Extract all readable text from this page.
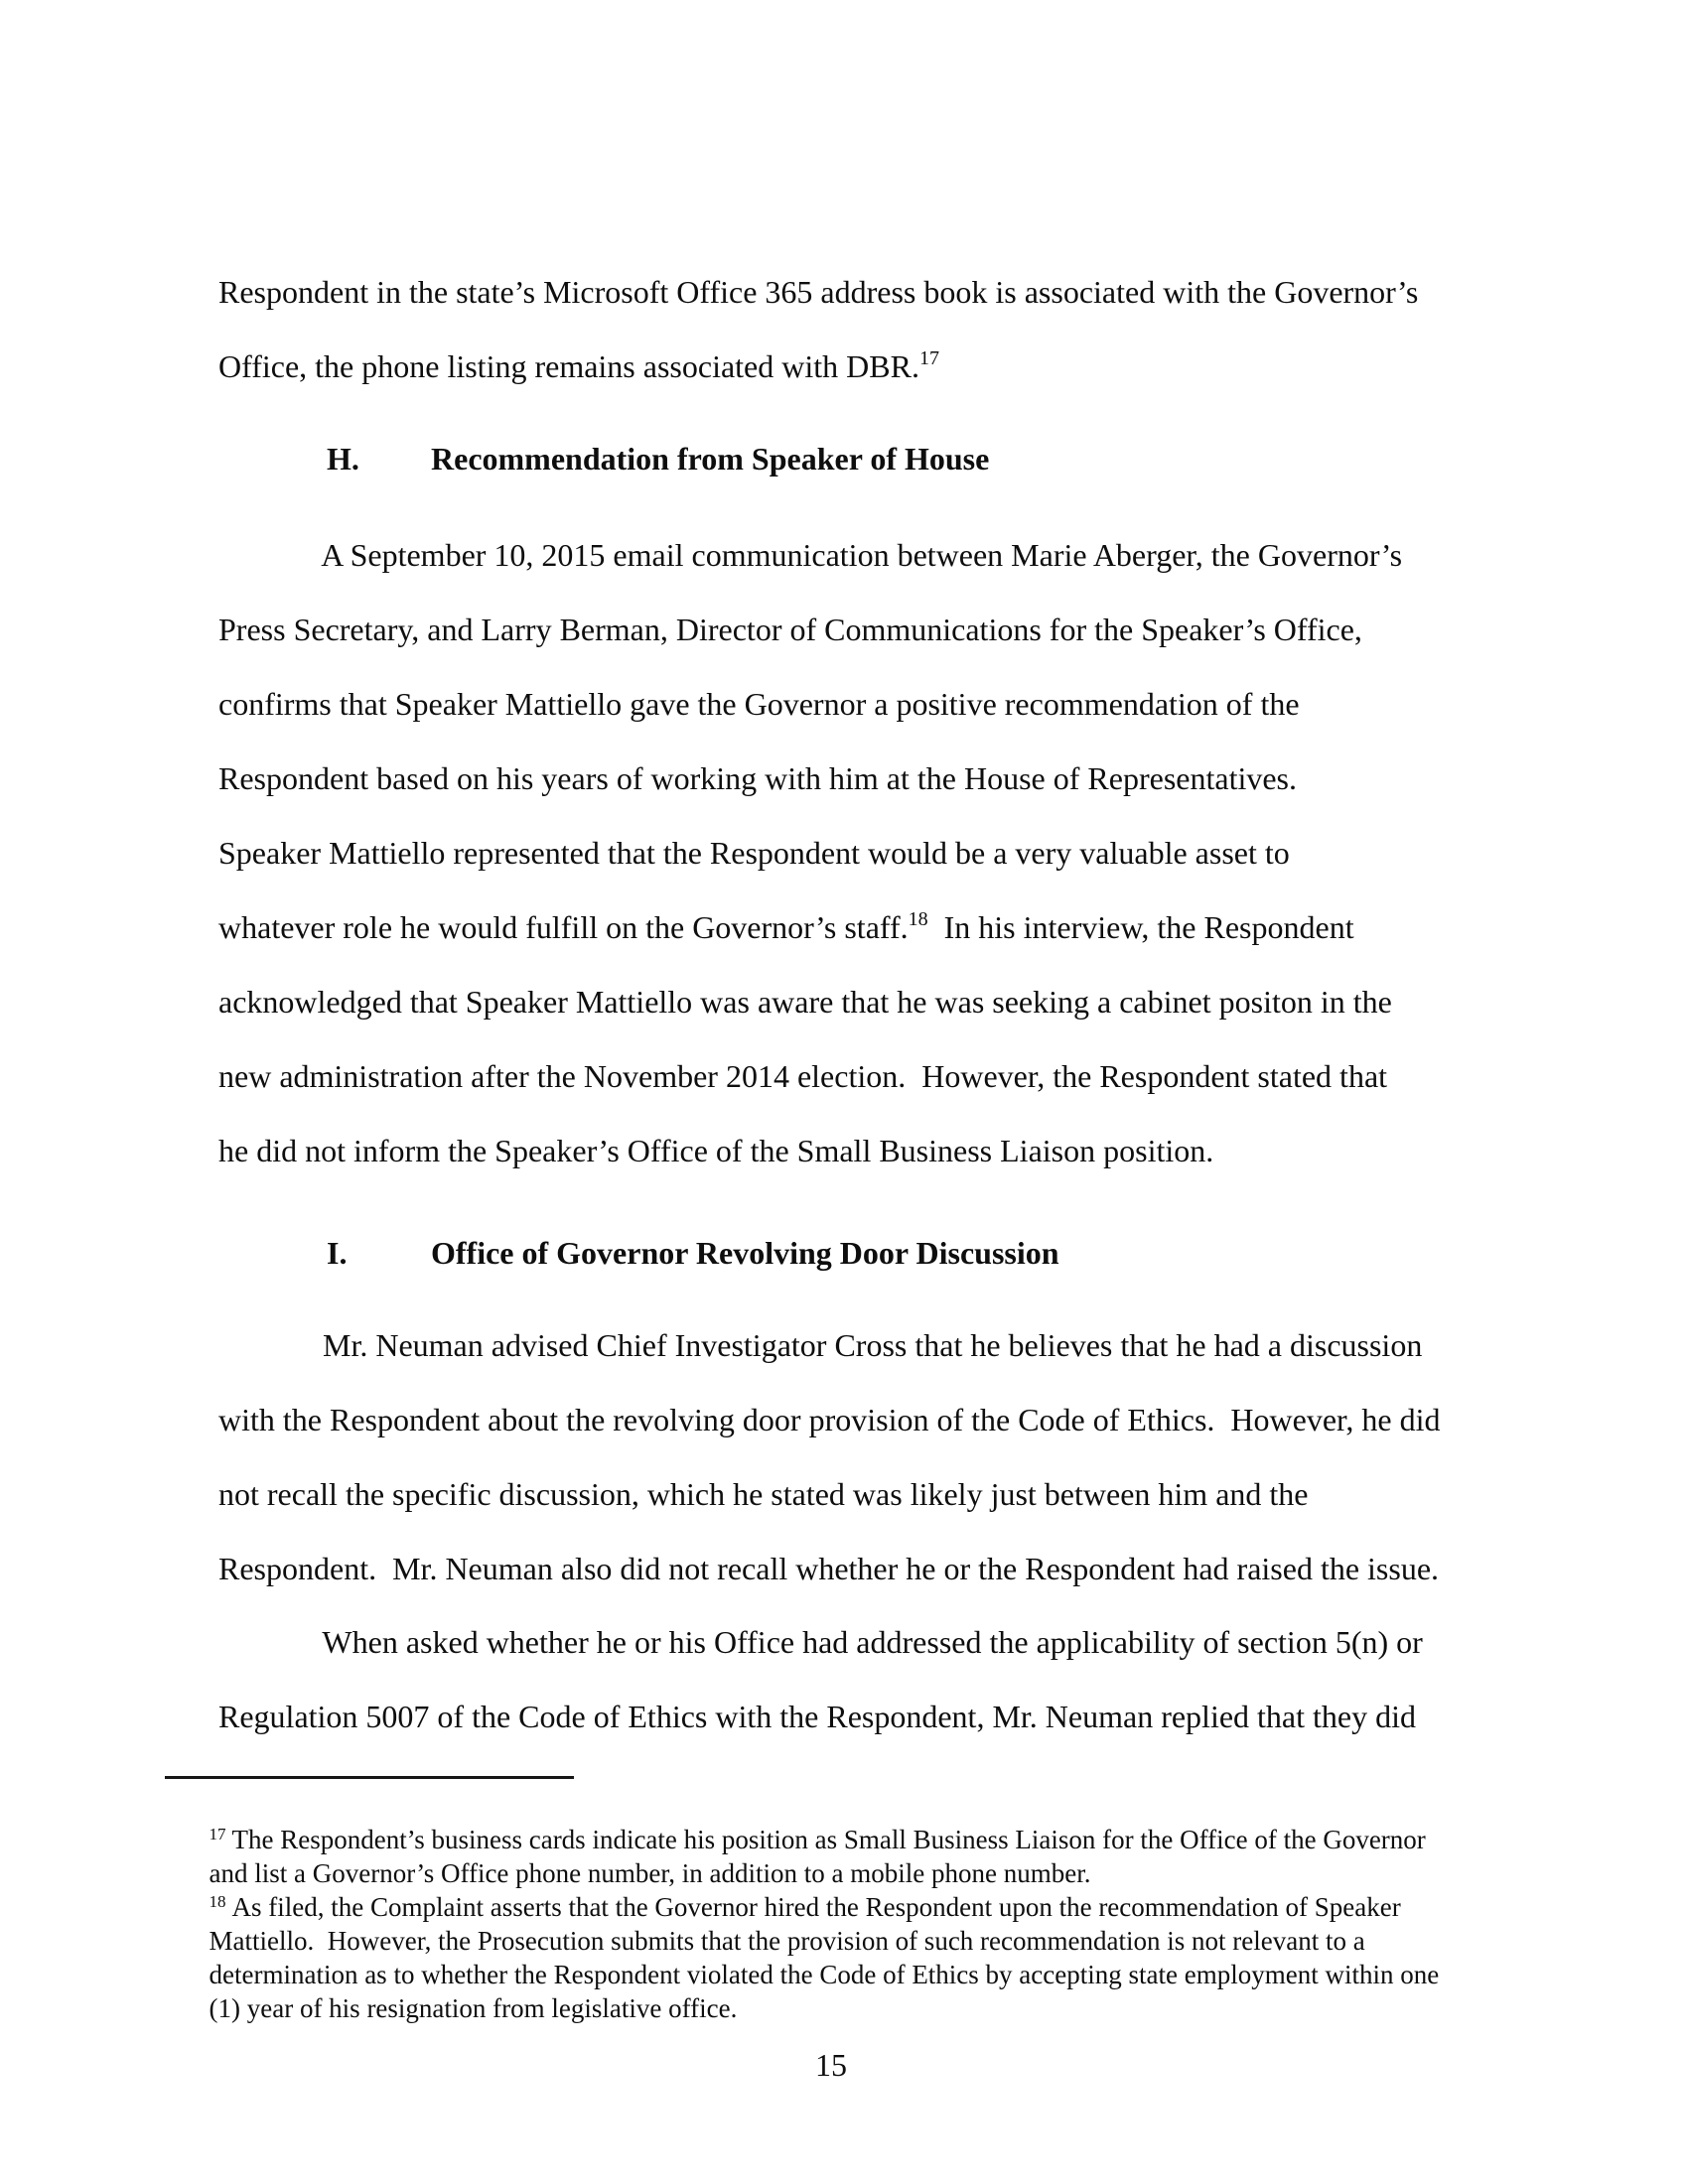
Respondent in the state’s Microsoft Office 365 address book is associated with the Governor’s

Office, the phone listing remains associated with DBR.$^{17}$

H. Recommendation from Speaker of House

A September 10, 2015 email communication between Marie Aberger, the Governor’s

Press Secretary, and Larry Berman, Director of Communications for the Speaker’s Office,

confirms that Speaker Mattiello gave the Governor a positive recommendation of the

Respondent based on his years of working with him at the House of Representatives.

Speaker Mattiello represented that the Respondent would be a very valuable asset to

whatever role he would fulfill on the Governor’s staff.$^{18}$  In his interview, the Respondent

acknowledged that Speaker Mattiello was aware that he was seeking a cabinet positon in the

new administration after the November 2014 election.  However, the Respondent stated that

he did not inform the Speaker’s Office of the Small Business Liaison position.

I.	Office of Governor Revolving Door Discussion

Mr. Neuman advised Chief Investigator Cross that he believes that he had a discussion

with the Respondent about the revolving door provision of the Code of Ethics.  However, he did

not recall the specific discussion, which he stated was likely just between him and the

Respondent.  Mr. Neuman also did not recall whether he or the Respondent had raised the issue.

When asked whether he or his Office had addressed the applicability of section 5(n) or

Regulation 5007 of the Code of Ethics with the Respondent, Mr. Neuman replied that they did

$^{17}$ The Respondent’s business cards indicate his position as Small Business Liaison for the Office of the Governor

and list a Governor’s Office phone number, in addition to a mobile phone number.

$^{18}$ As filed, the Complaint asserts that the Governor hired the Respondent upon the recommendation of Speaker

Mattiello.  However, the Prosecution submits that the provision of such recommendation is not relevant to a

determination as to whether the Respondent violated the Code of Ethics by accepting state employment within one

(1) year of his resignation from legislative office.

15
